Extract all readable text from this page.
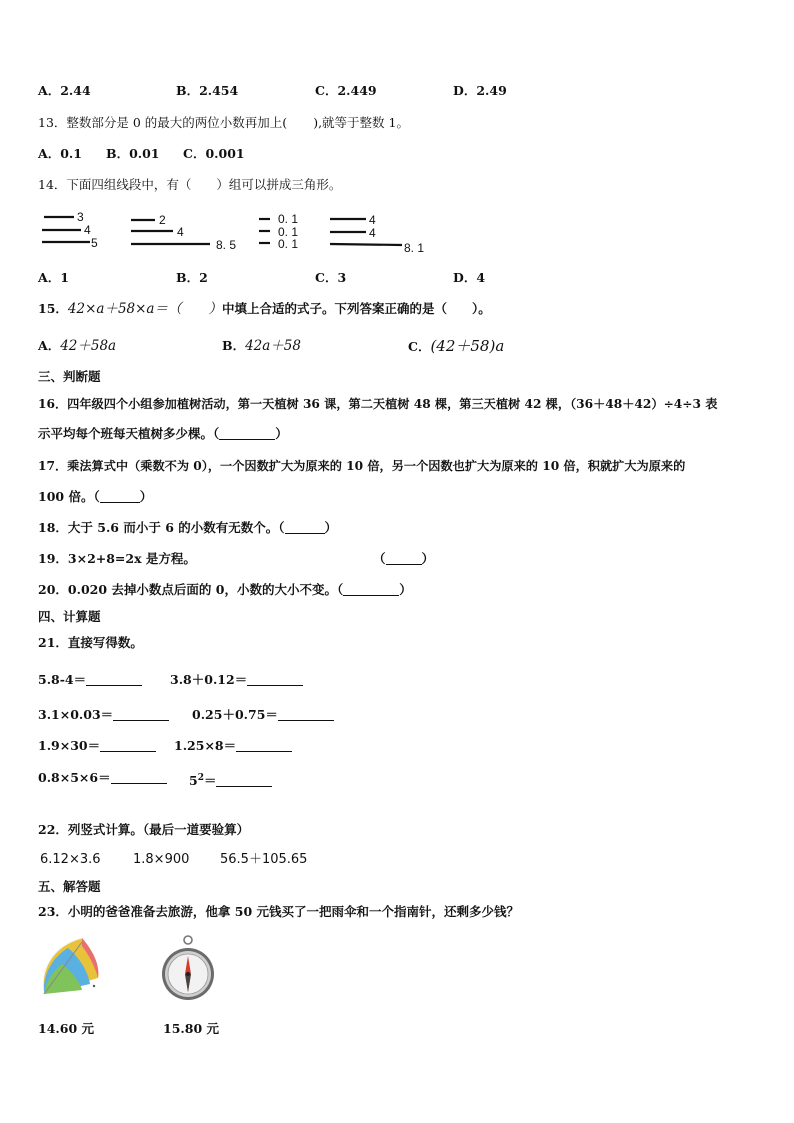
A．2.44	B．2.454	C．2.449	D．2.49
13．整数部分是 0 的最大的两位小数再加上( ),就等于整数 1。
A．0.1 B．0.01 C．0.001
14．下面四组线段中，有（　　）组可以拼成三角形。
3
4
5
2
4
8. 5
0. 1
0. 1
0. 1
4
4
8. 1
A．1	B．2	C．3	D．4
15．42×a＋58×a＝（　　）中填上合适的式子。下列答案正确的是（　　）。
A．42＋58a	B．42a＋58	C．(42＋58)a
三、判断题
16．四年级四个小组参加植树活动，第一天植树 36 课，第二天植树 48 棵，第三天植树 42 棵，（36＋48＋42）÷4÷3 表
示平均每个班每天植树多少棵。（	）
17．乘法算式中（乘数不为 0），一个因数扩大为原来的 10 倍，另一个因数也扩大为原来的 10 倍，积就扩大为原来的
100 倍。（	）
18．大于 5.6 而小于 6 的小数有无数个。（	）
19．3×2+8=2x 是方程。	（	）
20．0.020 去掉小数点后面的 0，小数的大小不变。（	）
四、计算题
21．直接写得数。
5.8-4＝	3.8＋0.12＝
3.1×0.03＝	0.25＋0.75＝
1.9×30＝	1.25×8＝
0.8×5×6＝	$5^2=$
22．列竖式计算。（最后一道要验算）
6.12×3.6 1.8×900 56.5＋105.65
五、解答题
23．小明的爸爸准备去旅游，他拿 50 元钱买了一把雨伞和一个指南针，还剩多少钱？
14.60 元	15.80 元
